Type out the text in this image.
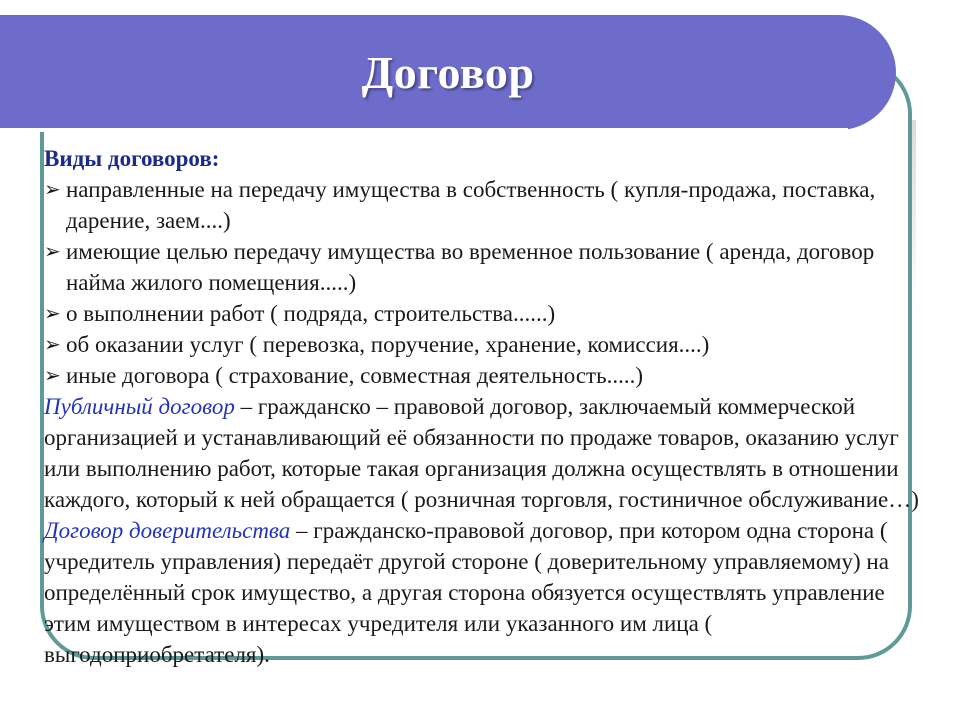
Договор
Виды договоров:
➢ направленные на передачу имущества в собственность ( купля-продажа, поставка, дарение, заем....)
➢ имеющие целью передачу имущества во временное пользование ( аренда, договор найма жилого помещения.....)
➢ о выполнении работ ( подряда, строительства......)
➢ об оказании услуг ( перевозка, поручение, хранение, комиссия....)
➢ иные договора ( страхование, совместная деятельность.....)
Публичный договор – гражданско – правовой договор, заключаемый коммерческой организацией и устанавливающий её обязанности по продаже товаров, оказанию услуг или выполнению работ, которые такая организация должна осуществлять в отношении каждого, который к ней обращается ( розничная торговля, гостиничное обслуживание…)
Договор доверительства – гражданско-правовой договор, при котором одна сторона ( учредитель управления) передаёт другой стороне ( доверительному управляемому) на определённый срок имущество, а другая сторона обязуется осуществлять управление этим имуществом в интересах учредителя или указанного им лица ( выгодоприобретателя).
